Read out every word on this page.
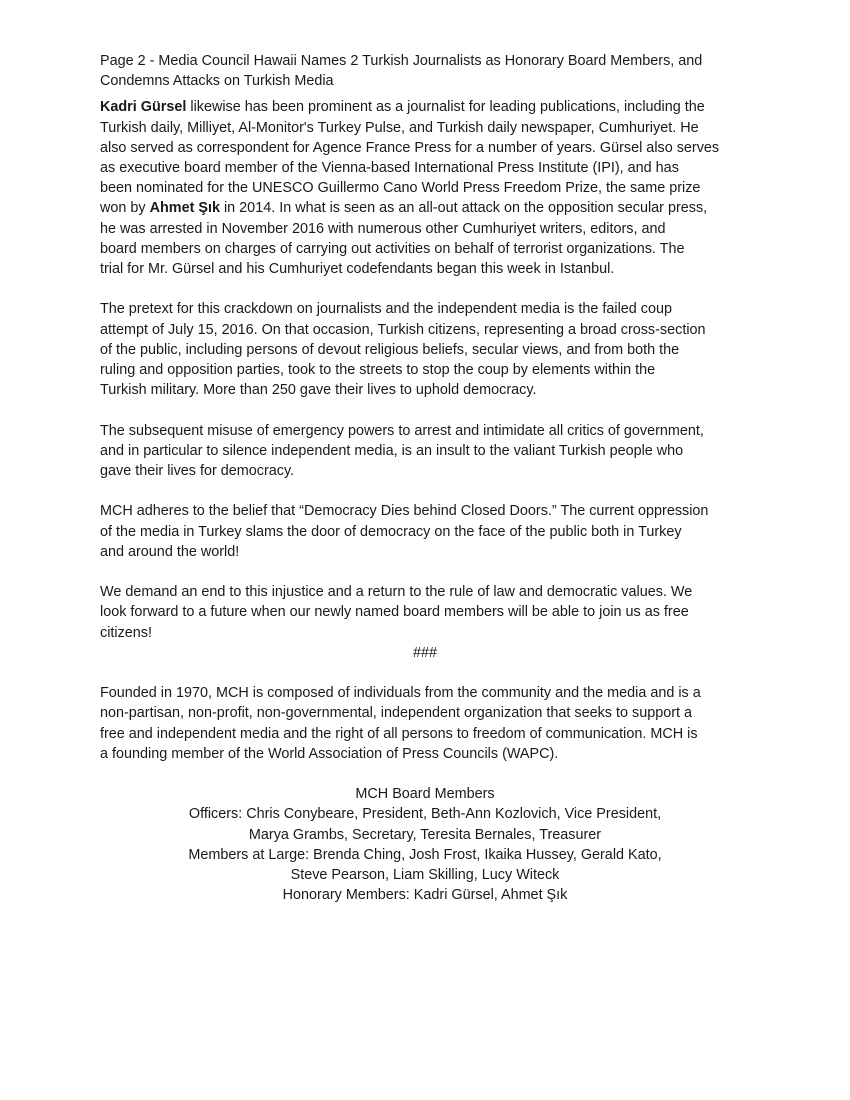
Page 2 - Media Council Hawaii Names 2 Turkish Journalists as Honorary Board Members, and
Condemns Attacks on Turkish Media
Kadri Gürsel likewise has been prominent as a journalist for leading publications, including the
Turkish daily, Milliyet, Al-Monitor's Turkey Pulse, and Turkish daily newspaper, Cumhuriyet. He
also served as correspondent for Agence France Press for a number of years. Gürsel also serves
as executive board member of the Vienna-based International Press Institute (IPI), and has
been nominated for the UNESCO Guillermo Cano World Press Freedom Prize, the same prize
won by Ahmet Şık in 2014. In what is seen as an all-out attack on the opposition secular press,
he was arrested in November 2016 with numerous other Cumhuriyet writers, editors, and
board members on charges of carrying out activities on behalf of terrorist organizations. The
trial for Mr. Gürsel and his Cumhuriyet codefendants began this week in Istanbul.
The pretext for this crackdown on journalists and the independent media is the failed coup
attempt of July 15, 2016. On that occasion, Turkish citizens, representing a broad cross-section
of the public, including persons of devout religious beliefs, secular views, and from both the
ruling and opposition parties, took to the streets to stop the coup by elements within the
Turkish military. More than 250 gave their lives to uphold democracy.
The subsequent misuse of emergency powers to arrest and intimidate all critics of government,
and in particular to silence independent media, is an insult to the valiant Turkish people who
gave their lives for democracy.
MCH adheres to the belief that “Democracy Dies behind Closed Doors.” The current oppression
of the media in Turkey slams the door of democracy on the face of the public both in Turkey
and around the world!
We demand an end to this injustice and a return to the rule of law and democratic values. We
look forward to a future when our newly named board members will be able to join us as free
citizens!
###
Founded in 1970, MCH is composed of individuals from the community and the media and is a
non-partisan, non-profit, non-governmental, independent organization that seeks to support a
free and independent media and the right of all persons to freedom of communication. MCH is
a founding member of the World Association of Press Councils (WAPC).
MCH Board Members
Officers: Chris Conybeare, President, Beth-Ann Kozlovich, Vice President,
Marya Grambs, Secretary, Teresita Bernales, Treasurer
Members at Large: Brenda Ching, Josh Frost, Ikaika Hussey, Gerald Kato,
Steve Pearson, Liam Skilling, Lucy Witeck
Honorary Members: Kadri Gürsel, Ahmet Şık
